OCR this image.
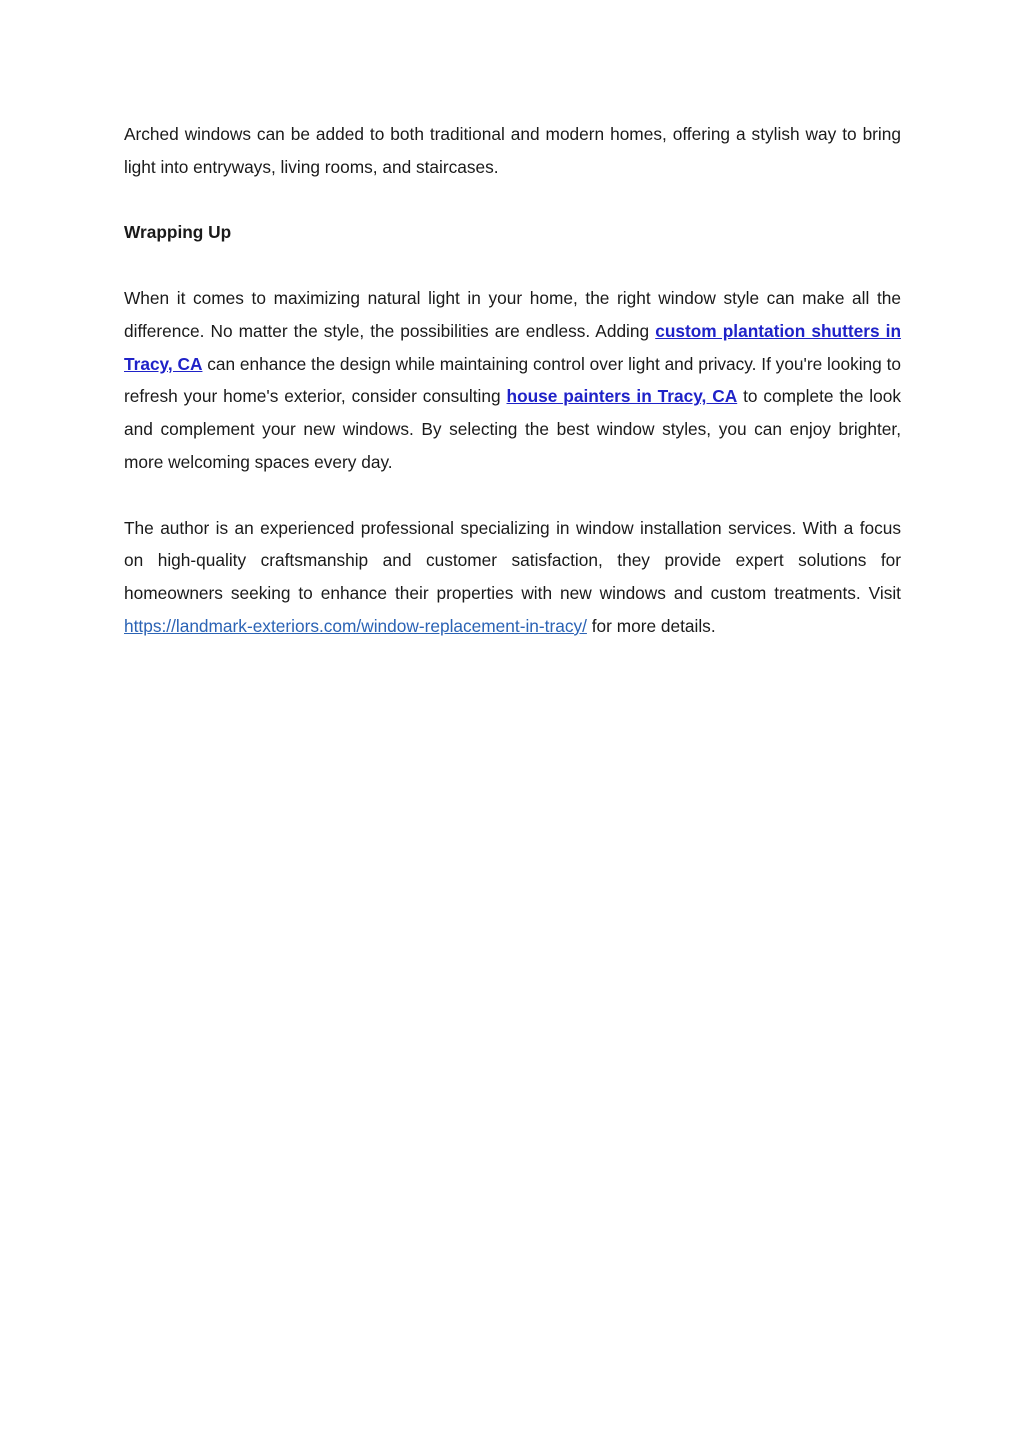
Arched windows can be added to both traditional and modern homes, offering a stylish way to bring light into entryways, living rooms, and staircases.

Wrapping Up

When it comes to maximizing natural light in your home, the right window style can make all the difference. No matter the style, the possibilities are endless. Adding custom plantation shutters in Tracy, CA can enhance the design while maintaining control over light and privacy. If you're looking to refresh your home's exterior, consider consulting house painters in Tracy, CA to complete the look and complement your new windows. By selecting the best window styles, you can enjoy brighter, more welcoming spaces every day.

The author is an experienced professional specializing in window installation services. With a focus on high-quality craftsmanship and customer satisfaction, they provide expert solutions for homeowners seeking to enhance their properties with new windows and custom treatments. Visit https://landmark-exteriors.com/window-replacement-in-tracy/ for more details.
